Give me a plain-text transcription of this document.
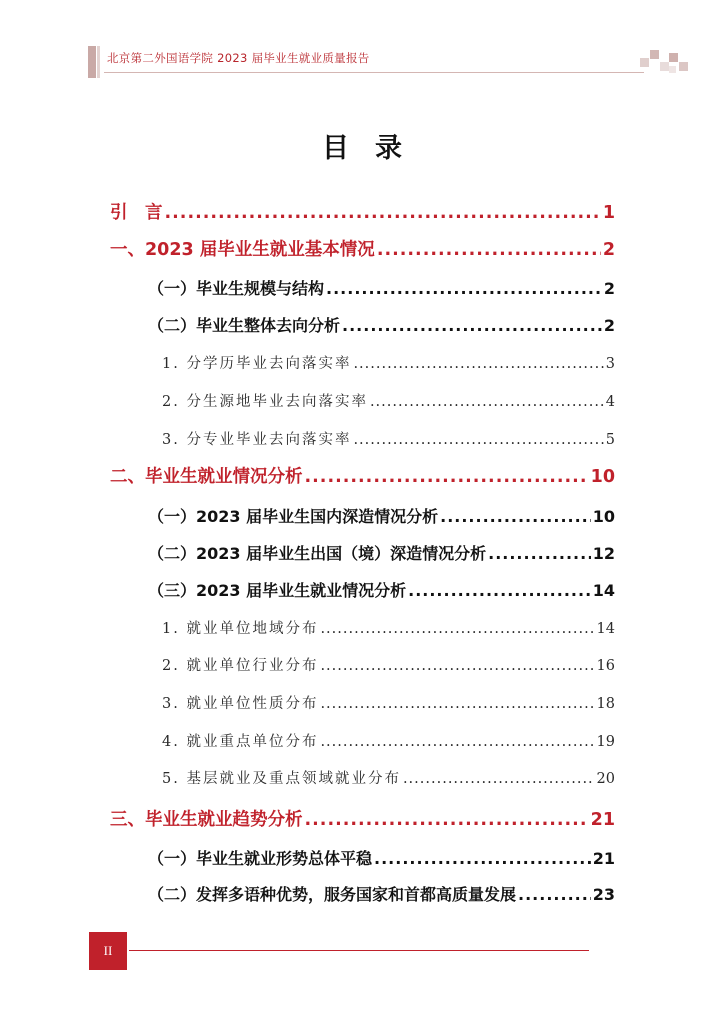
北京第二外国语学院 2023 届毕业生就业质量报告
目录
引　言 .....	1
一、2023 届毕业生就业基本情况 .....	2
（一）毕业生规模与结构 .....	2
（二）毕业生整体去向分析 .....	2
1. 分学历毕业去向落实率 .....	3
2. 分生源地毕业去向落实率 .....	4
3. 分专业毕业去向落实率 .....	5
二、毕业生就业情况分析 .....	10
（一）2023 届毕业生国内深造情况分析 .....	10
（二）2023 届毕业生出国（境）深造情况分析 .....	12
（三）2023 届毕业生就业情况分析 .....	14
1. 就业单位地域分布 .....	14
2. 就业单位行业分布 .....	16
3. 就业单位性质分布 .....	18
4. 就业重点单位分布 .....	19
5. 基层就业及重点领域就业分布 .....	20
三、毕业生就业趋势分析 .....	21
（一）毕业生就业形势总体平稳 .....	21
（二）发挥多语种优势，服务国家和首都高质量发展 .....	23
II
